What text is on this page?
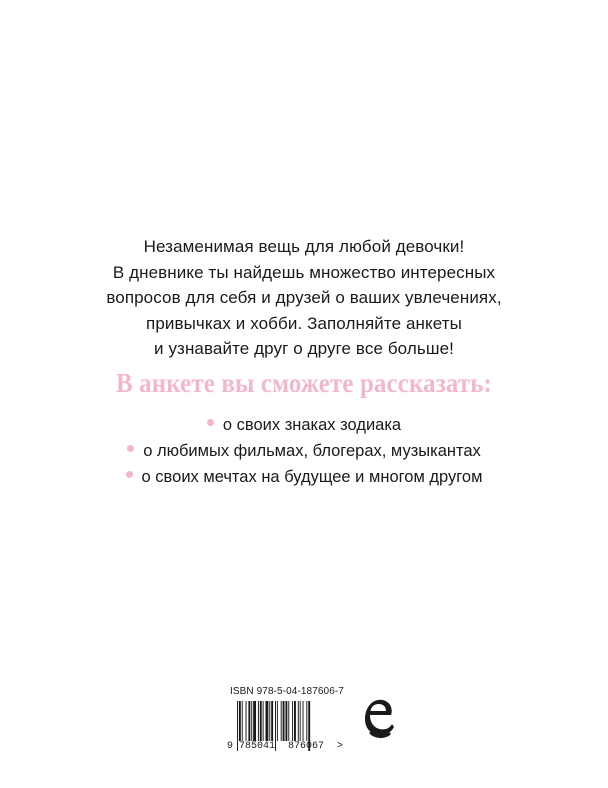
Незаменимая вещь для любой девочки!
В дневнике ты найдешь множество интересных
вопросов для себя и друзей о ваших увлечениях,
привычках и хобби. Заполняйте анкеты
и узнавайте друг о друге все больше!
В анкете вы сможете рассказать:
о своих знаках зодиака
о любимых фильмах, блогерах, музыкантах
о своих мечтах на будущее и многом другом
ISBN 978-5-04-187606-7
9 785041 876067 >
